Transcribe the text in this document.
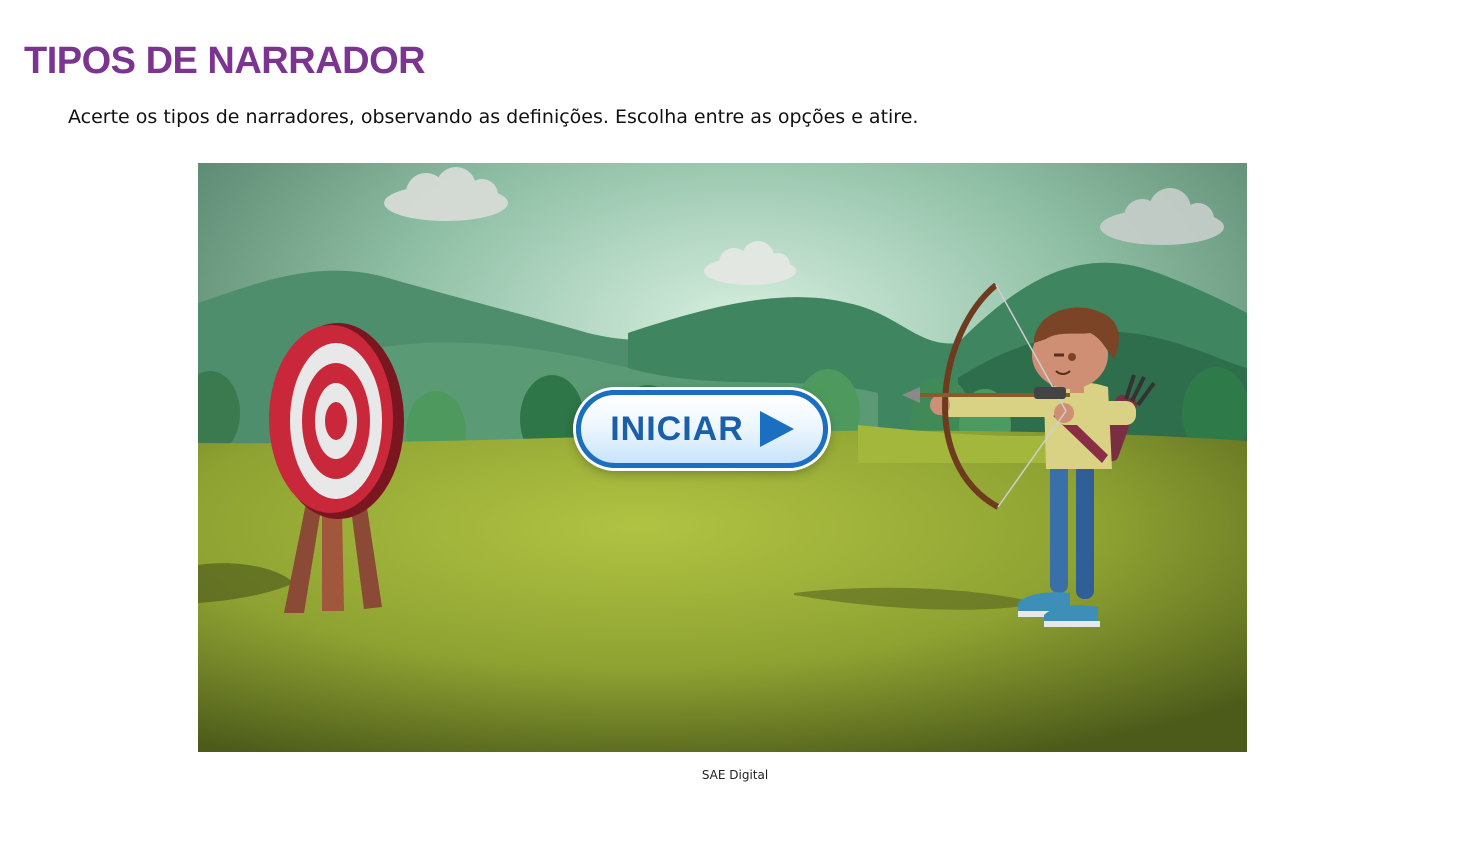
TIPOS DE NARRADOR

Acerte os tipos de narradores, observando as definições. Escolha entre as opções e atire.

INICIAR

SAE Digital
